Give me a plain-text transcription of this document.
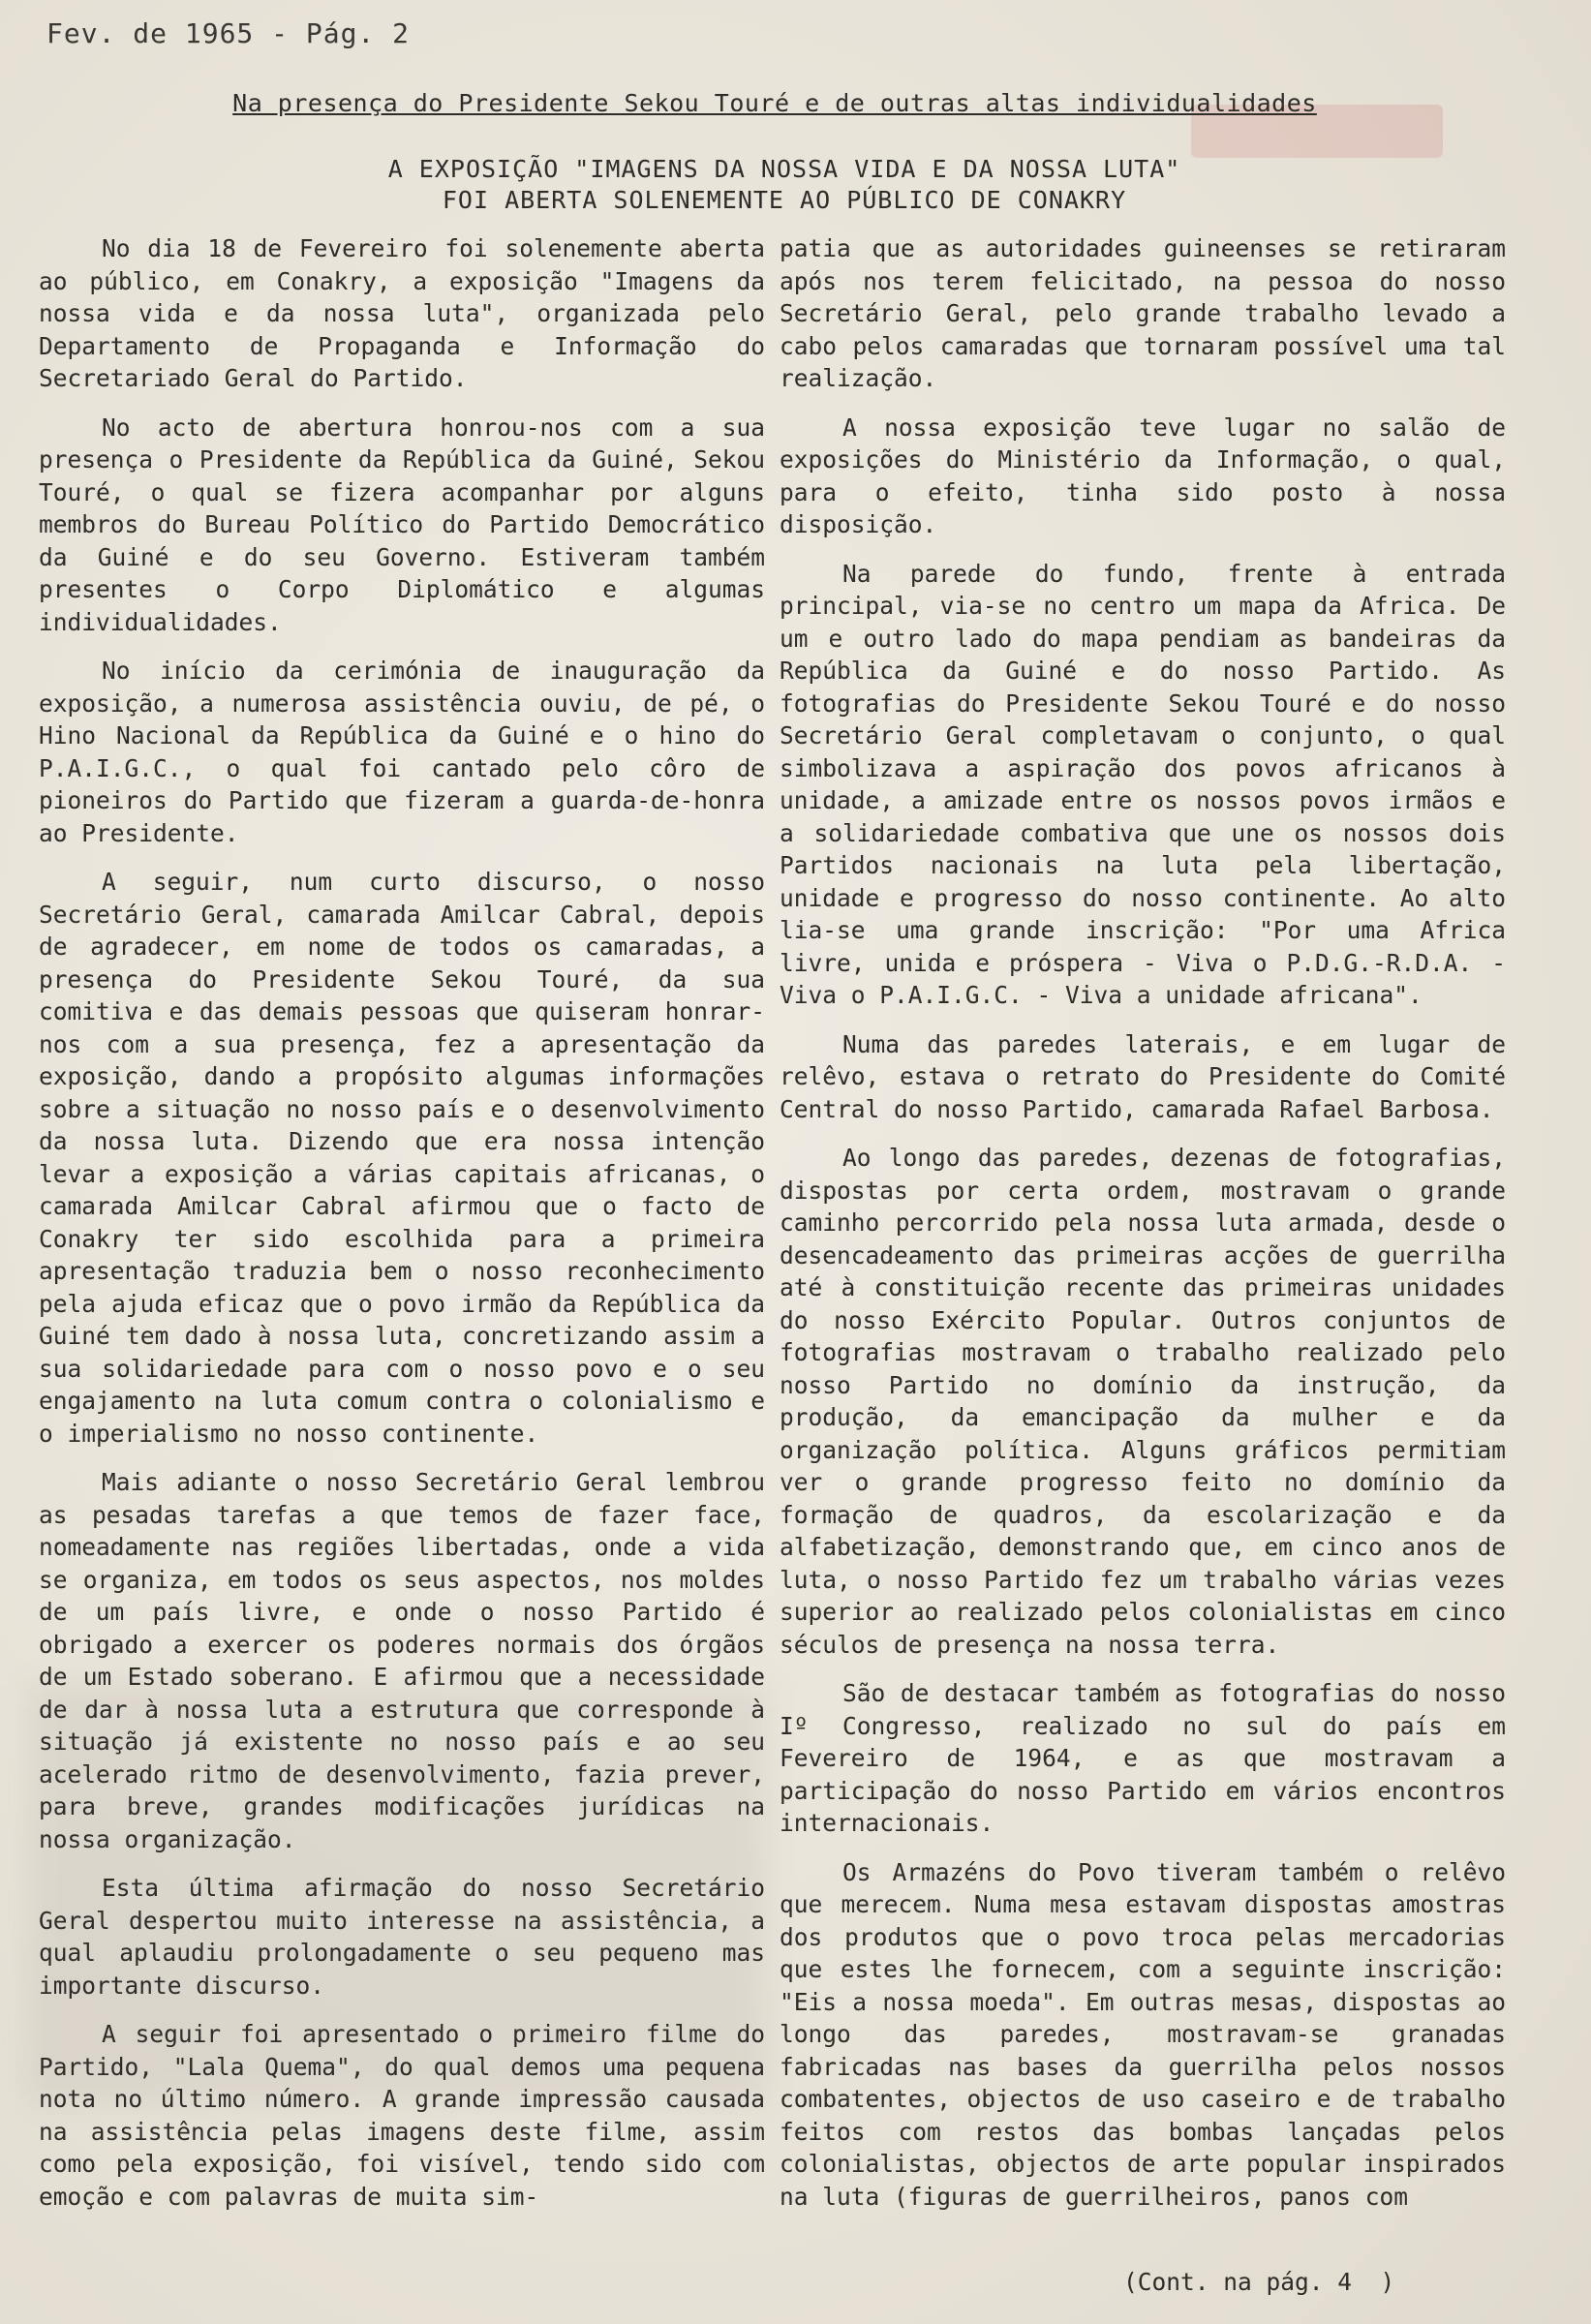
Fev. de 1965 - Pág. 2
Na presença do Presidente Sekou Touré e de outras altas individualidades
A EXPOSIÇÃO "IMAGENS DA NOSSA VIDA E DA NOSSA LUTA"
FOI ABERTA SOLENEMENTE AO PÚBLICO DE CONAKRY

No dia 18 de Fevereiro foi solenemente aberta ao público, em Conakry, a exposição "Imagens da nossa vida e da nossa luta", organizada pelo Departamento de Propaganda e Informação do Secretariado Geral do Partido.

No acto de abertura honrou-nos com a sua presença o Presidente da República da Guiné, Sekou Touré, o qual se fizera acompanhar por alguns membros do Bureau Político do Partido Democrático da Guiné e do seu Governo. Estiveram também presentes o Corpo Diplomático e algumas individualidades.

No início da cerimónia de inauguração da exposição, a numerosa assistência ouviu, de pé, o Hino Nacional da República da Guiné e o hino do P.A.I.G.C., o qual foi cantado pelo côro de pioneiros do Partido que fizeram a guarda-de-honra ao Presidente.

A seguir, num curto discurso, o nosso Secretário Geral, camarada Amilcar Cabral, depois de agradecer, em nome de todos os camaradas, a presença do Presidente Sekou Touré, da sua comitiva e das demais pessoas que quiseram honrar-nos com a sua presença, fez a apresentação da exposição, dando a propósito algumas informações sobre a situação no nosso país e o desenvolvimento da nossa luta. Dizendo que era nossa intenção levar a exposição a várias capitais africanas, o camarada Amilcar Cabral afirmou que o facto de Conakry ter sido escolhida para a primeira apresentação traduzia bem o nosso reconhecimento pela ajuda eficaz que o povo irmão da República da Guiné tem dado à nossa luta, concretizando assim a sua solidariedade para com o nosso povo e o seu engajamento na luta comum contra o colonialismo e o imperialismo no nosso continente.

Mais adiante o nosso Secretário Geral lembrou as pesadas tarefas a que temos de fazer face, nomeadamente nas regiões libertadas, onde a vida se organiza, em todos os seus aspectos, nos moldes de um país livre, e onde o nosso Partido é obrigado a exercer os poderes normais dos órgãos de um Estado soberano. E afirmou que a necessidade de dar à nossa luta a estrutura que corresponde à situação já existente no nosso país e ao seu acelerado ritmo de desenvolvimento, fazia prever, para breve, grandes modificações jurídicas na nossa organização.

Esta última afirmação do nosso Secretário Geral despertou muito interesse na assistência, a qual aplaudiu prolongadamente o seu pequeno mas importante discurso.

A seguir foi apresentado o primeiro filme do Partido, "Lala Quema", do qual demos uma pequena nota no último número. A grande impressão causada na assistência pelas imagens deste filme, assim como pela exposição, foi visível, tendo sido com emoção e com palavras de muita sim-

patia que as autoridades guineenses se retiraram após nos terem felicitado, na pessoa do nosso Secretário Geral, pelo grande trabalho levado a cabo pelos camaradas que tornaram possível uma tal realização.

A nossa exposição teve lugar no salão de exposições do Ministério da Informação, o qual, para o efeito, tinha sido posto à nossa disposição.

Na parede do fundo, frente à entrada principal, via-se no centro um mapa da Africa. De um e outro lado do mapa pendiam as bandeiras da República da Guiné e do nosso Partido. As fotografias do Presidente Sekou Touré e do nosso Secretário Geral completavam o conjunto, o qual simbolizava a aspiração dos povos africanos à unidade, a amizade entre os nossos povos irmãos e a solidariedade combativa que une os nossos dois Partidos nacionais na luta pela libertação, unidade e progresso do nosso continente. Ao alto lia-se uma grande inscrição: "Por uma Africa livre, unida e próspera - Viva o P.D.G.-R.D.A. - Viva o P.A.I.G.C. - Viva a unidade africana".

Numa das paredes laterais, e em lugar de relêvo, estava o retrato do Presidente do Comité Central do nosso Partido, camarada Rafael Barbosa.

Ao longo das paredes, dezenas de fotografias, dispostas por certa ordem, mostravam o grande caminho percorrido pela nossa luta armada, desde o desencadeamento das primeiras acções de guerrilha até à constituição recente das primeiras unidades do nosso Exército Popular. Outros conjuntos de fotografias mostravam o trabalho realizado pelo nosso Partido no domínio da instrução, da produção, da emancipação da mulher e da organização política. Alguns gráficos permitiam ver o grande progresso feito no domínio da formação de quadros, da escolarização e da alfabetização, demonstrando que, em cinco anos de luta, o nosso Partido fez um trabalho várias vezes superior ao realizado pelos colonialistas em cinco séculos de presença na nossa terra.

São de destacar também as fotografias do nosso Iº Congresso, realizado no sul do país em Fevereiro de 1964, e as que mostravam a participação do nosso Partido em vários encontros internacionais.

Os Armazéns do Povo tiveram também o relêvo que merecem. Numa mesa estavam dispostas amostras dos produtos que o povo troca pelas mercadorias que estes lhe fornecem, com a seguinte inscrição: "Eis a nossa moeda". Em outras mesas, dispostas ao longo das paredes, mostravam-se granadas fabricadas nas bases da guerrilha pelos nossos combatentes, objectos de uso caseiro e de trabalho feitos com restos das bombas lançadas pelos colonialistas, objectos de arte popular inspirados na luta (figuras de guerrilheiros, panos com

(Cont. na pág. 4  )
